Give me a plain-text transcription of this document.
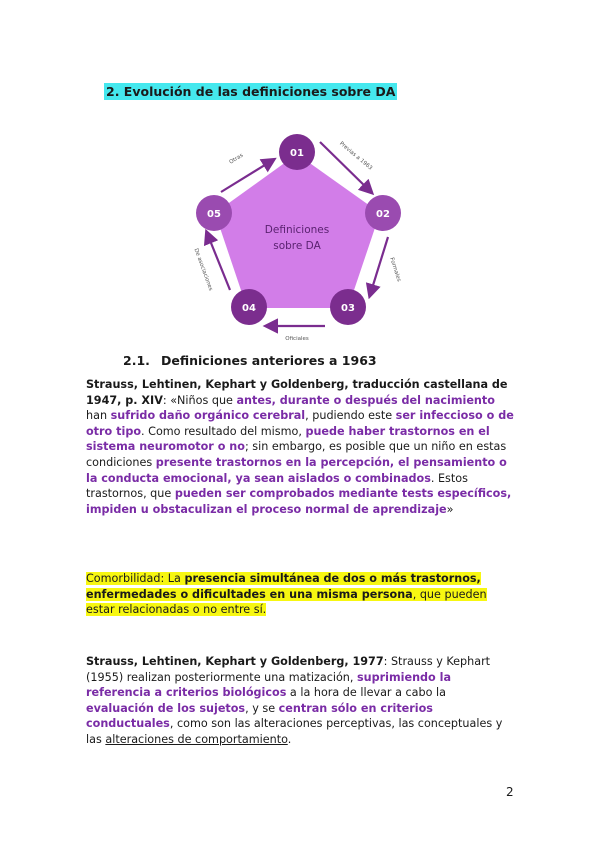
2. Evolución de las definiciones sobre DA
Definiciones
sobre DA
Previas a 1963
Formales
Oficiales
De asociaciones
Otras	01
02
03
04
05
2.1. Definiciones anteriores a 1963

Strauss, Lehtinen, Kephart y Goldenberg, traducción castellana de 1947, p. XIV: «Niños que antes, durante o después del nacimiento han sufrido daño orgánico cerebral, pudiendo este ser infeccioso o de otro tipo. Como resultado del mismo, puede haber trastornos en el sistema neuromotor o no; sin embargo, es posible que un niño en estas condiciones presente trastornos en la percepción, el pensamiento o la conducta emocional, ya sean aislados o combinados. Estos trastornos, que pueden ser comprobados mediante tests específicos, impiden u obstaculizan el proceso normal de aprendizaje»

Comorbilidad: La presencia simultánea de dos o más trastornos, enfermedades o dificultades en una misma persona, que pueden estar relacionadas o no entre sí.

Strauss, Lehtinen, Kephart y Goldenberg, 1977: Strauss y Kephart (1955) realizan posteriormente una matización, suprimiendo la referencia a criterios biológicos a la hora de llevar a cabo la evaluación de los sujetos, y se centran sólo en criterios conductuales, como son las alteraciones perceptivas, las conceptuales y las alteraciones de comportamiento.

2
